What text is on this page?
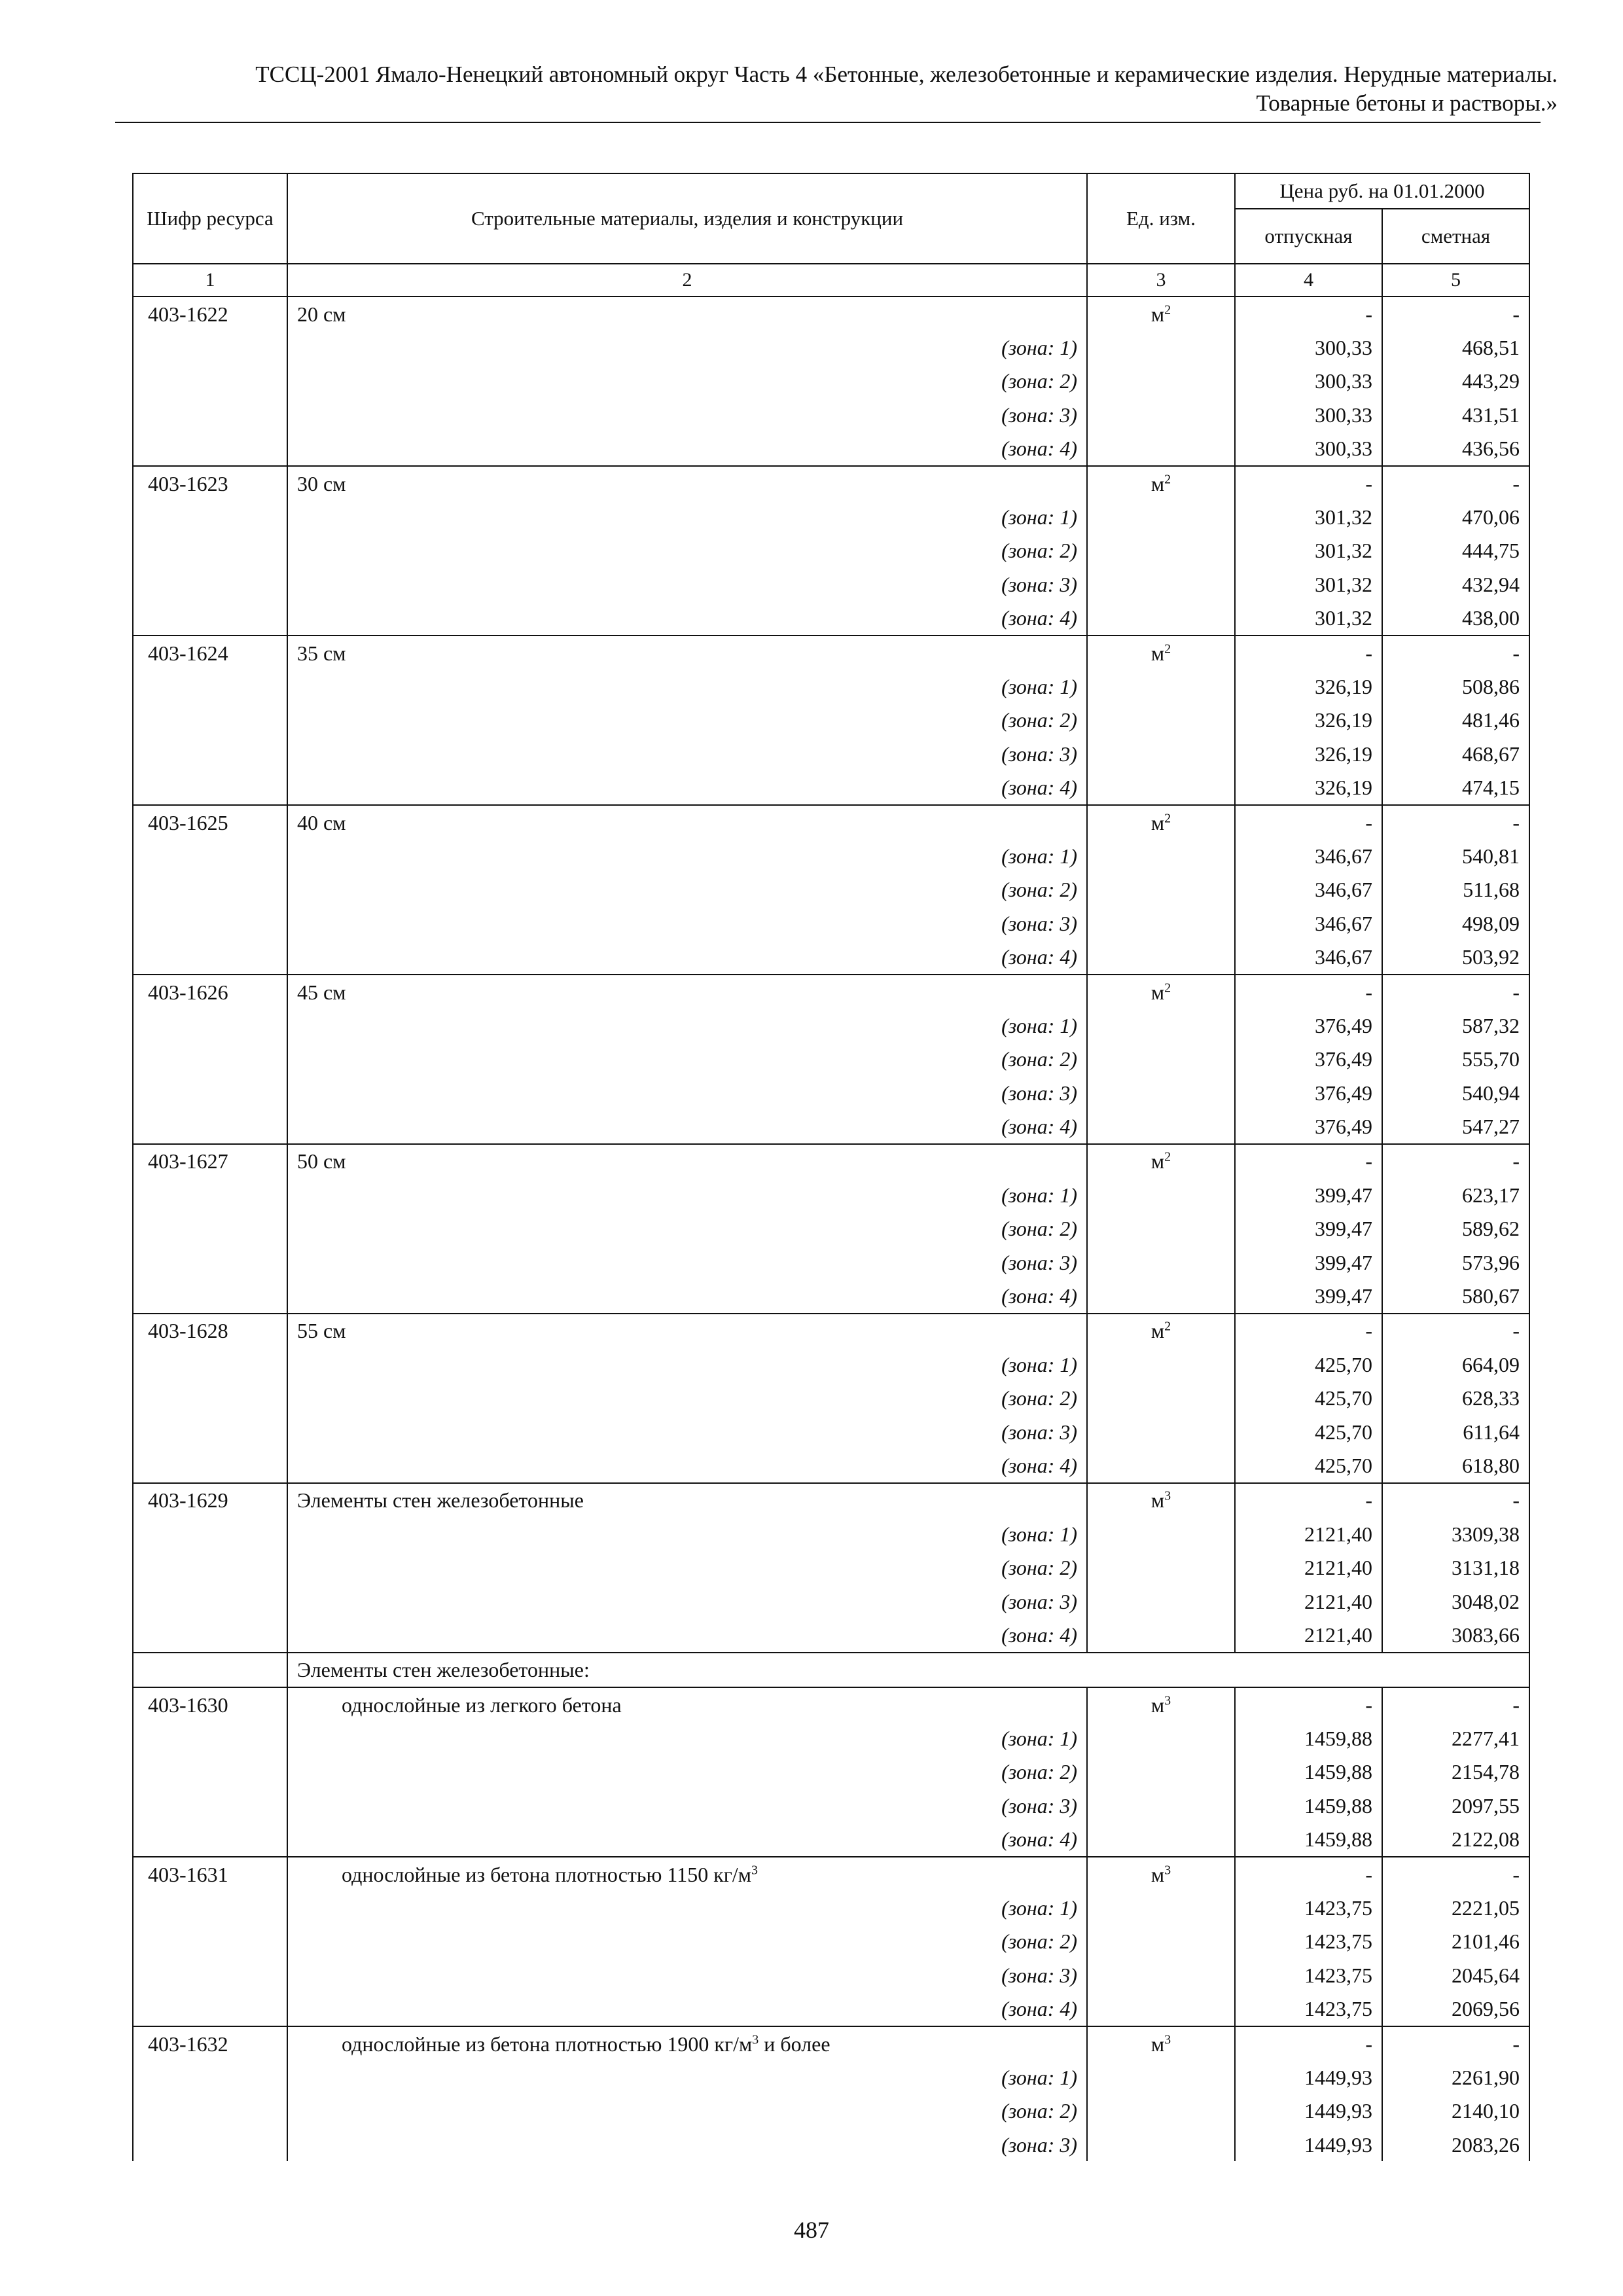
ТССЦ-2001 Ямало-Ненецкий автономный округ Часть 4 «Бетонные, железобетонные и керамические изделия. Нерудные материалы.
Товарные бетоны и растворы.»
Шифр ресурса	Строительные материалы, изделия и конструкции	Ед. изм.	Цена руб. на 01.01.2000	
			отпускная	сметная
1	2	3	4	5
403-1622	20 см	$м^2$	-	-
	(зона: 1)		300,33	468,51
	(зона: 2)		300,33	443,29
	(зона: 3)		300,33	431,51
	(зона: 4)		300,33	436,56
403-1623	30 см	$м^2$	-	-
	(зона: 1)		301,32	470,06
	(зона: 2)		301,32	444,75
	(зона: 3)		301,32	432,94
	(зона: 4)		301,32	438,00
403-1624	35 см	$м^2$	-	-
	(зона: 1)		326,19	508,86
	(зона: 2)		326,19	481,46
	(зона: 3)		326,19	468,67
	(зона: 4)		326,19	474,15
403-1625	40 см	$м^2$	-	-
	(зона: 1)		346,67	540,81
	(зона: 2)		346,67	511,68
	(зона: 3)		346,67	498,09
	(зона: 4)		346,67	503,92
403-1626	45 см	$м^2$	-	-
	(зона: 1)		376,49	587,32
	(зона: 2)		376,49	555,70
	(зона: 3)		376,49	540,94
	(зона: 4)		376,49	547,27
403-1627	50 см	$м^2$	-	-
	(зона: 1)		399,47	623,17
	(зона: 2)		399,47	589,62
	(зона: 3)		399,47	573,96
	(зона: 4)		399,47	580,67
403-1628	55 см	$м^2$	-	-
	(зона: 1)		425,70	664,09
	(зона: 2)		425,70	628,33
	(зона: 3)		425,70	611,64
	(зона: 4)		425,70	618,80
403-1629	Элементы стен железобетонные	$м^3$	-	-
	(зона: 1)		2121,40	3309,38
	(зона: 2)		2121,40	3131,18
	(зона: 3)		2121,40	3048,02
	(зона: 4)		2121,40	3083,66
	Элементы стен железобетонные:			
403-1630	однослойные из легкого бетона	$м^3$	-	-
	(зона: 1)		1459,88	2277,41
	(зона: 2)		1459,88	2154,78
	(зона: 3)		1459,88	2097,55
	(зона: 4)		1459,88	2122,08
403-1631	однослойные из бетона плотностью 1150 $кг/м^3$	$м^3$	-	-
	(зона: 1)		1423,75	2221,05
	(зона: 2)		1423,75	2101,46
	(зона: 3)		1423,75	2045,64
	(зона: 4)		1423,75	2069,56
403-1632	однослойные из бетона плотностью 1900 $кг/м^3$ и более	$м^3$	-	-
	(зона: 1)		1449,93	2261,90
	(зона: 2)		1449,93	2140,10
	(зона: 3)		1449,93	2083,26
487
